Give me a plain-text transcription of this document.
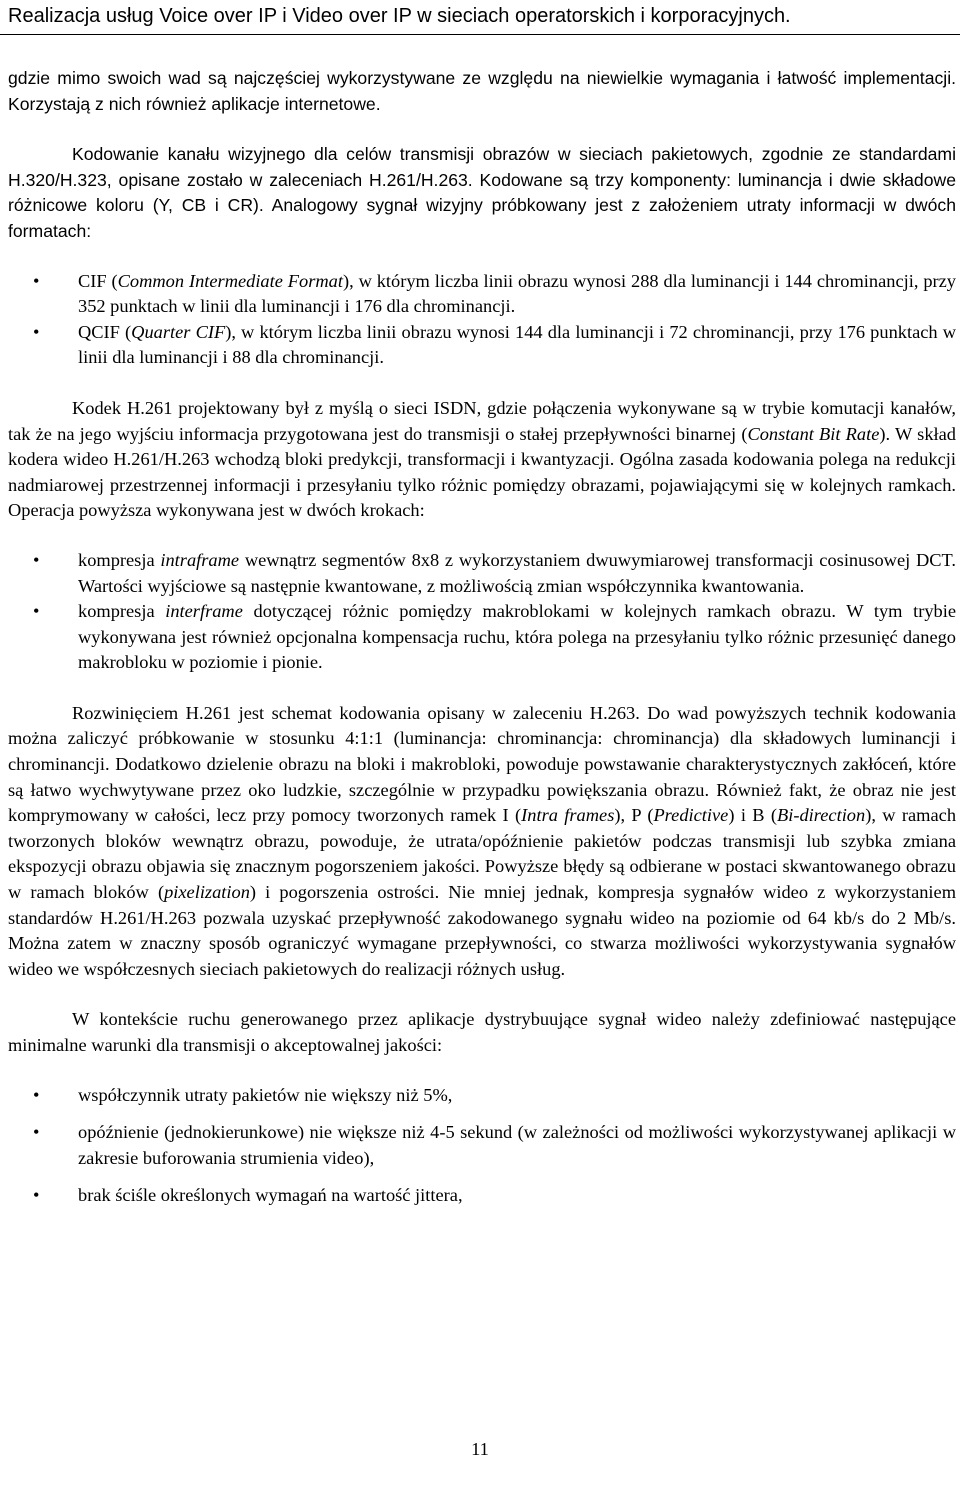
Realizacja usług Voice over IP i Video over IP w sieciach operatorskich i korporacyjnych.

gdzie mimo swoich wad są najczęściej wykorzystywane ze względu na niewielkie wymagania i łatwość implementacji. Korzystają z nich również aplikacje internetowe.

Kodowanie kanału wizyjnego dla celów transmisji obrazów w sieciach pakietowych, zgodnie ze standardami H.320/H.323, opisane zostało w zaleceniach H.261/H.263. Kodowane są trzy komponenty: luminancja i dwie składowe różnicowe koloru (Y, CB i CR). Analogowy sygnał wizyjny próbkowany jest z założeniem utraty informacji w dwóch formatach:

•	CIF (Common Intermediate Format), w którym liczba linii obrazu wynosi 288 dla luminancji i 144 chrominancji, przy 352 punktach w linii dla luminancji i 176 dla chrominancji.
•	QCIF (Quarter CIF), w którym liczba linii obrazu wynosi 144 dla luminancji i 72 chrominancji, przy 176 punktach w linii dla luminancji i 88 dla chrominancji.

Kodek H.261 projektowany był z myślą o sieci ISDN, gdzie połączenia wykonywane są w trybie komutacji kanałów, tak że na jego wyjściu informacja przygotowana jest do transmisji o stałej przepływności binarnej (Constant Bit Rate). W skład kodera wideo H.261/H.263 wchodzą bloki predykcji, transformacji i kwantyzacji. Ogólna zasada kodowania polega na redukcji nadmiarowej przestrzennej informacji i przesyłaniu tylko różnic pomiędzy obrazami, pojawiającymi się w kolejnych ramkach. Operacja powyższa wykonywana jest w dwóch krokach:

•	kompresja intraframe wewnątrz segmentów 8x8 z wykorzystaniem dwuwymiarowej transformacji cosinusowej DCT. Wartości wyjściowe są następnie kwantowane, z możliwością zmian współczynnika kwantowania.
•	kompresja interframe dotyczącej różnic pomiędzy makroblokami w kolejnych ramkach obrazu. W tym trybie wykonywana jest również opcjonalna kompensacja ruchu, która polega na przesyłaniu tylko różnic przesunięć danego makrobloku w poziomie i pionie.

Rozwinięciem H.261 jest schemat kodowania opisany w zaleceniu H.263. Do wad powyższych technik kodowania można zaliczyć próbkowanie w stosunku 4:1:1 (luminancja: chrominancja: chrominancja) dla składowych luminancji i chrominancji. Dodatkowo dzielenie obrazu na bloki i makrobloki, powoduje powstawanie charakterystycznych zakłóceń, które są łatwo wychwytywane przez oko ludzkie, szczególnie w przypadku powiększania obrazu. Również fakt, że obraz nie jest komprymowany w całości, lecz przy pomocy tworzonych ramek I (Intra frames), P (Predictive) i B (Bi-direction), w ramach tworzonych bloków wewnątrz obrazu, powoduje, że utrata/opóźnienie pakietów podczas transmisji lub szybka zmiana ekspozycji obrazu objawia się znacznym pogorszeniem jakości. Powyższe błędy są odbierane w postaci skwantowanego obrazu w ramach bloków (pixelization) i pogorszenia ostrości. Nie mniej jednak, kompresja sygnałów wideo z wykorzystaniem standardów H.261/H.263 pozwala uzyskać przepływność zakodowanego sygnału wideo na poziomie od 64 kb/s do 2 Mb/s. Można zatem w znaczny sposób ograniczyć wymagane przepływności, co stwarza możliwości wykorzystywania sygnałów wideo we współczesnych sieciach pakietowych do realizacji różnych usług.

W kontekście ruchu generowanego przez aplikacje dystrybuujące sygnał wideo należy zdefiniować następujące minimalne warunki dla transmisji o akceptowalnej jakości:

•	współczynnik utraty pakietów nie większy niż 5%,
•	opóźnienie (jednokierunkowe) nie większe niż 4-5 sekund (w zależności od możliwości wykorzystywanej aplikacji w zakresie buforowania strumienia video),
•	brak ściśle określonych wymagań na wartość jittera,
11
